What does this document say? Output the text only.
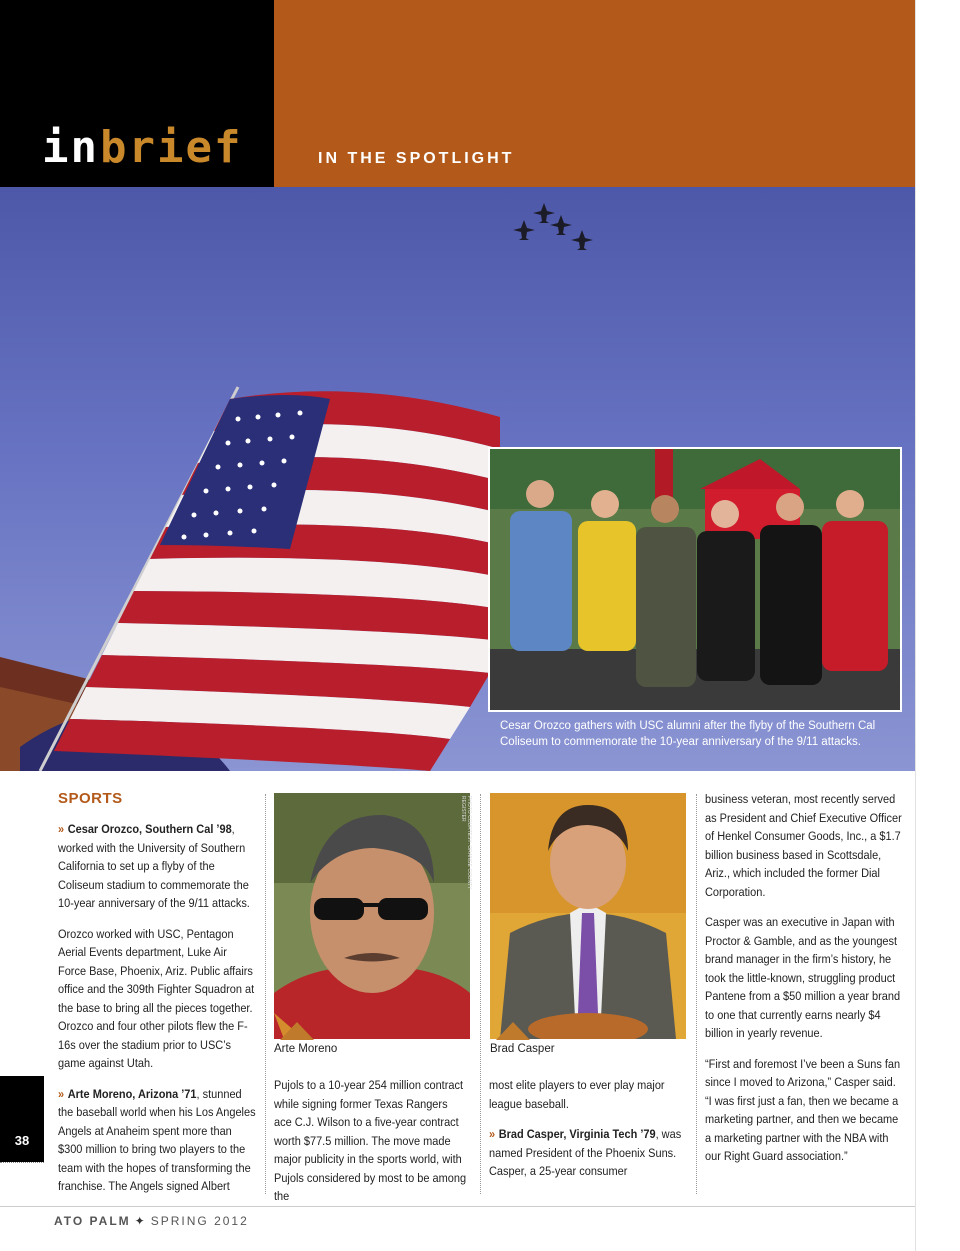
in brief	IN THE SPOTLIGHT
Cesar Orozco gathers with USC alumni after the flyby of the Southern Cal Coliseum to commemorate the 10-year anniversary of the 9/11 attacks.
SPORTS

» Cesar Orozco, Southern Cal ’98, worked with the University of Southern California to set up a flyby of the Coliseum stadium to commemorate the 10-year anniversary of the 9/11 attacks.

Orozco worked with USC, Pentagon Aerial Events department, Luke Air Force Base, Phoenix, Ariz. Public affairs office and the 309th Fighter Squadron at the base to bring all the pieces together. Orozco and four other pilots flew the F-16s over the stadium prior to USC’s game against Utah.

» Arte Moreno, Arizona ’71, stunned the baseball world when his Los Angeles Angels at Anaheim spent more than $300 million to bring two players to the team with the hopes of transforming the franchise. The Angels signed Albert

PHOTO COURTESY: ORANGE COUNTY REGISTER
Arte Moreno	Brad Casper

Pujols to a 10-year 254 million contract while signing former Texas Rangers ace C.J. Wilson to a five-year contract worth $77.5 million. The move made major publicity in the sports world, with Pujols considered by most to be among the

most elite players to ever play major league baseball.

» Brad Casper, Virginia Tech ’79, was named President of the Phoenix Suns. Casper, a 25-year consumer

business veteran, most recently served as President and Chief Executive Officer of Henkel Consumer Goods, Inc., a $1.7 billion business based in Scottsdale, Ariz., which included the former Dial Corporation.

Casper was an executive in Japan with Proctor & Gamble, and as the youngest brand manager in the firm’s history, he took the little-known, struggling product Pantene from a $50 million a year brand to one that currently earns nearly $4 billion in yearly revenue.

“First and foremost I’ve been a Suns fan since I moved to Arizona,” Casper said. “I was first just a fan, then we became a marketing partner, and then we became a marketing partner with the NBA with our Right Guard association.”

38
ATO PALM ✦ SPRING 2012
